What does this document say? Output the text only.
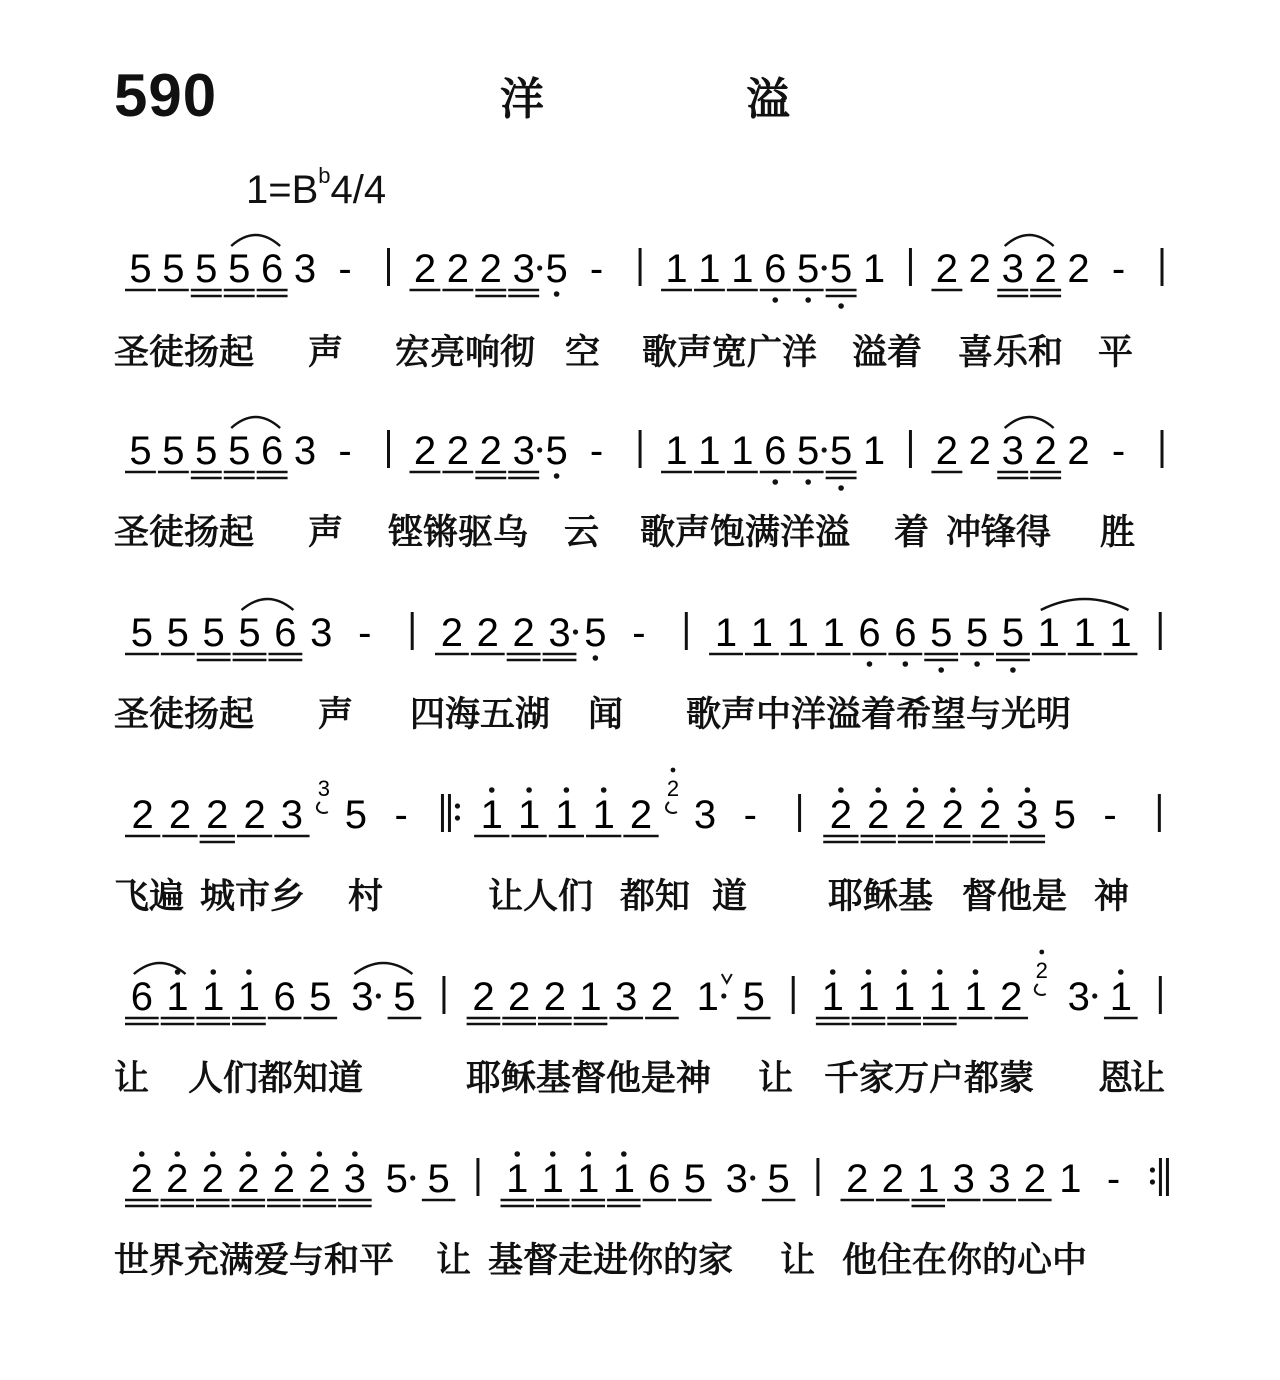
590	洋	溢
$1=B^b4/4$
5 5 5 5 6 3 - 2 2 2 3 5 - 1 1 1 6 5 5 1 2 2 3 2 2 -
5 5 5 5 6 3 - 2 2 2 3 5 - 1 1 1 6 5 5 1 2 2 3 2 2 -
5 5 5 5 6 3 - 2 2 2 3 5 - 1 1 1 1 6 6 5 5 5 1 1 1
2 2 2 2 3
3
5 - 1 1 1 1 2
2
3 - 2 2 2 2 2 3 5 -
6 1 1 1 6 5 3 5 2 2 2 1 3 2 1 5 1 1 1 1 1 2
2
3 1
2 2 2 2 2 2 3 5 5 1 1 1 1 6 5 3 5 2 2 1 3 3 2 1 -
圣徒扬起 声 宏亮响彻 空 歌声宽广洋 溢着 喜乐和 平
圣徒扬起 声 铿锵驱乌 云 歌声饱满洋溢 着 冲锋得 胜
圣徒扬起 声 四海五湖 闻 歌声中洋溢着希望与光明
飞遍 城市乡 村	让人们 都知 道 耶稣基 督他是 神
让 人们都知道	耶稣基督他是神 让 千家万户都蒙 恩
让
世界充满爱与和平 让 基督走进你的家 让 他住在你的心中
